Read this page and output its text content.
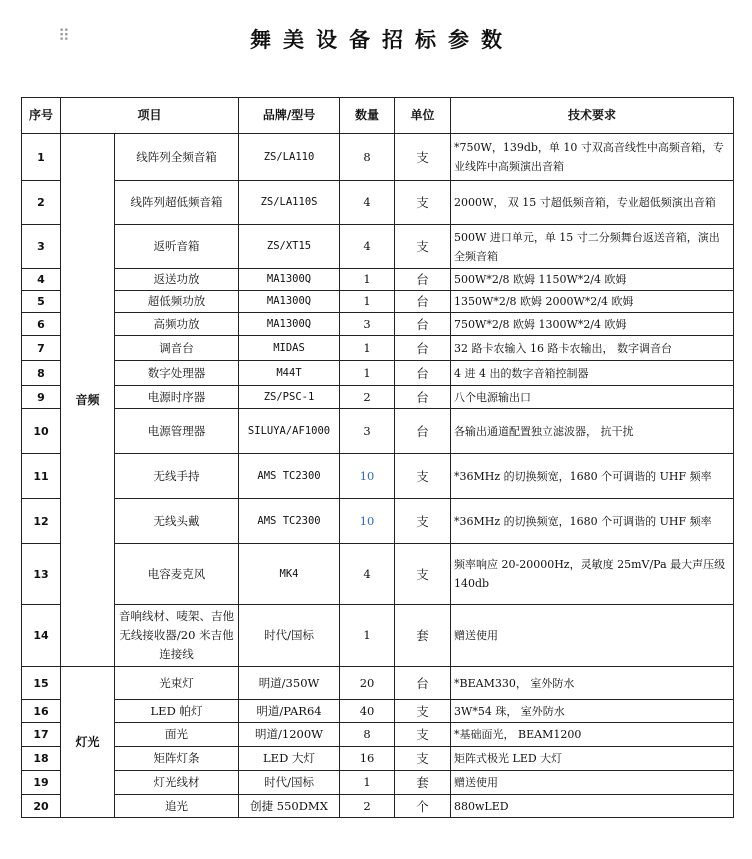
⠿	舞美设备招标参数
序号	项目		品牌/型号	数量	单位	技术要求
1	音频	线阵列全频音箱	ZS/LA110	8	支	*750W，139db，单 10 寸双高音线性中高频音箱，专业线阵中高频演出音箱
2		线阵列超低频音箱	ZS/LA110S	4	支	2000W， 双 15 寸超低频音箱，专业超低频演出音箱
3		返听音箱	ZS/XT15	4	支	500W 进口单元，单 15 寸二分频舞台返送音箱，演出全频音箱
4		返送功放	MA1300Q	1	台	500W*2/8 欧姆 1150W*2/4 欧姆
5		超低频功放	MA1300Q	1	台	1350W*2/8 欧姆 2000W*2/4 欧姆
6		高频功放	MA1300Q	3	台	750W*2/8 欧姆 1300W*2/4 欧姆
7		调音台	MIDAS	1	台	32 路卡农输入 16 路卡农输出， 数字调音台
8		数字处理器	M44T	1	台	4 进 4 出的数字音箱控制器
9		电源时序器	ZS/PSC-1	2	台	八个电源输出口
10		电源管理器	SILUYA/AF1000	3	台	各输出通道配置独立滤波器， 抗干扰
11		无线手持	AMS TC2300	10	支	*36MHz 的切换频宽，1680 个可调谐的 UHF 频率
12		无线头戴	AMS TC2300	10	支	*36MHz 的切换频宽，1680 个可调谐的 UHF 频率
13		电容麦克风	MK4	4	支	频率响应 20-20000Hz，灵敏度 25mV/Pa 最大声压级 140db
14		音响线材、唛架、吉他无线接收器/20 米吉他连接线	时代/国标	1	套	赠送使用
15	灯光	光束灯	明道/350W	20	台	*BEAM330， 室外防水
16		LED 帕灯	明道/PAR64	40	支	3W*54 珠， 室外防水
17		面光	明道/1200W	8	支	*基础面光， BEAM1200
18		矩阵灯条	LED 大灯	16	支	矩阵式极光 LED 大灯
19		灯光线材	时代/国标	1	套	赠送使用
20		追光	创捷 550DMX	2	个	880wLED
